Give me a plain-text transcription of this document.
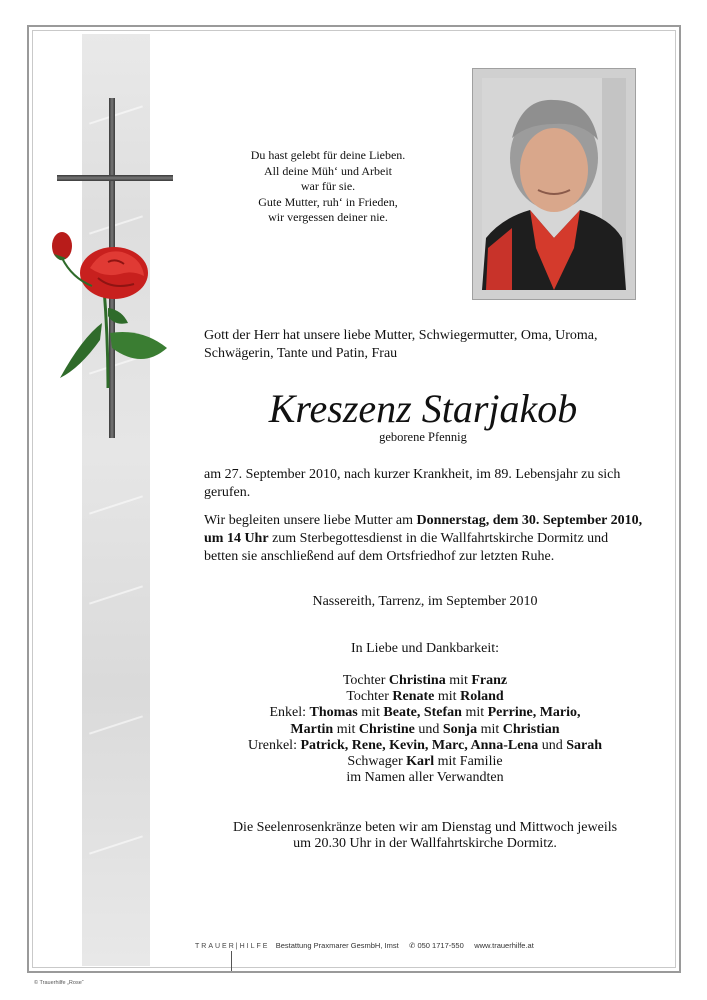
Du hast gelebt für deine Lieben.
All deine Müh‘ und Arbeit
war für sie.
Gute Mutter, ruh‘ in Frieden,
wir vergessen deiner nie.
Gott der Herr hat unsere liebe Mutter, Schwiegermutter, Oma, Uroma, Schwägerin, Tante und Patin, Frau
Kreszenz Starjakob
geborene Pfennig
am 27. September 2010, nach kurzer Krankheit, im 89. Lebensjahr zu sich gerufen.
Wir begleiten unsere liebe Mutter am Donnerstag, dem 30. September 2010, um 14 Uhr zum Sterbegottesdienst in die Wallfahrtskirche Dormitz und betten sie anschließend auf dem Ortsfriedhof zur letzten Ruhe.
Nassereith, Tarrenz, im September 2010
In Liebe und Dankbarkeit:
Tochter Christina mit Franz
Tochter Renate mit Roland
Enkel: Thomas mit Beate, Stefan mit Perrine, Mario,
Martin mit Christine und Sonja mit Christian
Urenkel: Patrick, Rene, Kevin, Marc, Anna-Lena und Sarah
Schwager Karl mit Familie
im Namen aller Verwandten
Die Seelenrosenkränze beten wir am Dienstag und Mittwoch jeweils
um 20.30 Uhr in der Wallfahrtskirche Dormitz.
TRAUER|HILFE Bestattung Praxmarer GesmbH, Imst ✆ 050 1717-550 www.trauerhilfe.at
© Trauerhilfe „Rose“
